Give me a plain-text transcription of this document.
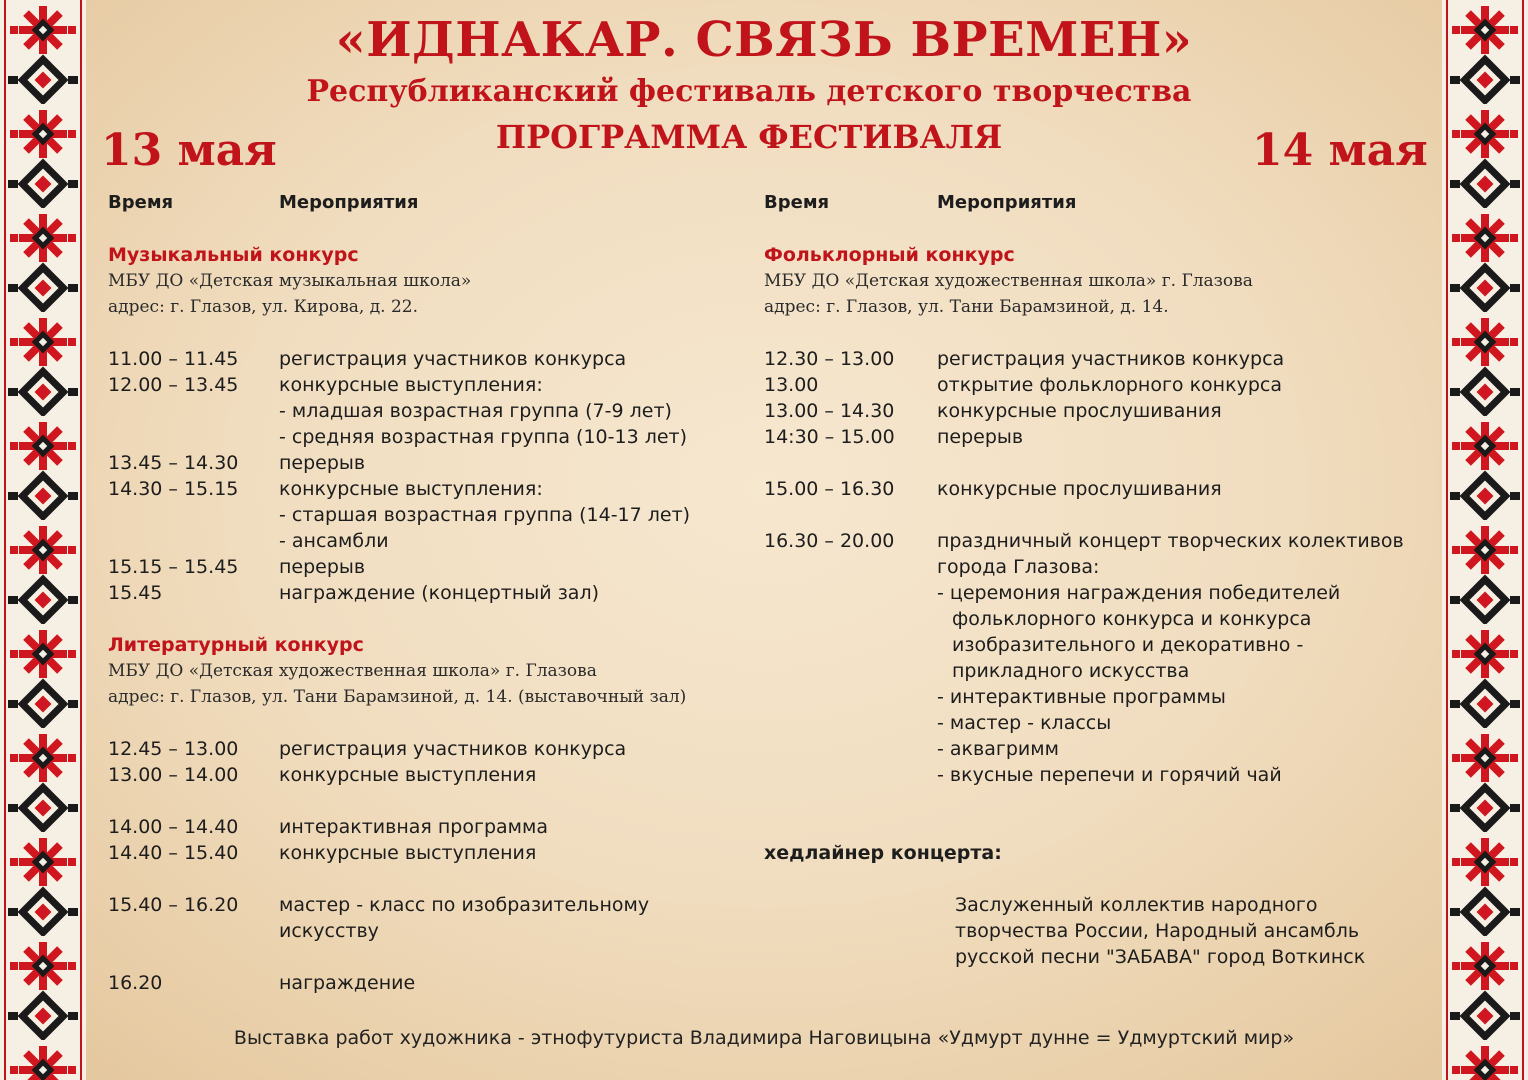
«ИДНАКАР. СВЯЗЬ ВРЕМЕН»
Республиканский фестиваль детского творчества
ПРОГРАММА ФЕСТИВАЛЯ
13 мая	14 мая
Время	Мероприятия
Музыкальный конкурс
МБУ ДО «Детская музыкальная школа»
адрес: г. Глазов, ул. Кирова, д. 22.
11.00 – 11.45 регистрация участников конкурса
12.00 – 13.45 конкурсные выступления:
- младшая возрастная группа (7-9 лет)
- средняя возрастная группа (10-13 лет)
13.45 – 14.30 перерыв
14.30 – 15.15 конкурсные выступления:
- старшая возрастная группа (14-17 лет)
- ансамбли
15.15 – 15.45 перерыв
15.45	награждение (концертный зал)
Литературный конкурс
МБУ ДО «Детская художественная школа» г. Глазова
адрес: г. Глазов, ул. Тани Барамзиной, д. 14. (выставочный зал)
12.45 – 13.00 регистрация участников конкурса
13.00 – 14.00 конкурсные выступления
14.00 – 14.40 интерактивная программа
14.40 – 15.40 конкурсные выступления
15.40 – 16.20 мастер - класс по изобразительному
искусству
16.20	награждение
Время	Мероприятия
Фольклорный конкурс
МБУ ДО «Детская художественная школа» г. Глазова
адрес: г. Глазов, ул. Тани Барамзиной, д. 14.
12.30 – 13.00 регистрация участников конкурса
13.00	открытие фольклорного конкурса
13.00 – 14.30 конкурсные прослушивания
14:30 – 15.00 перерыв
15.00 – 16.30 конкурсные прослушивания
16.30 – 20.00 праздничный концерт творческих колективов
города Глазова:
- церемония награждения победителей
фольклорного конкурса и конкурса
изобразительного и декоративно -
прикладного искусства
- интерактивные программы
- мастер - классы
- аквагримм
- вкусные перепечи и горячий чай
хедлайнер концерта:
Заслуженный коллектив народного
творчества России, Народный ансамбль
русской песни "ЗАБАВА" город Воткинск
Выставка работ художника - этнофутуриста Владимира Наговицына «Удмурт дунне = Удмуртский мир»
